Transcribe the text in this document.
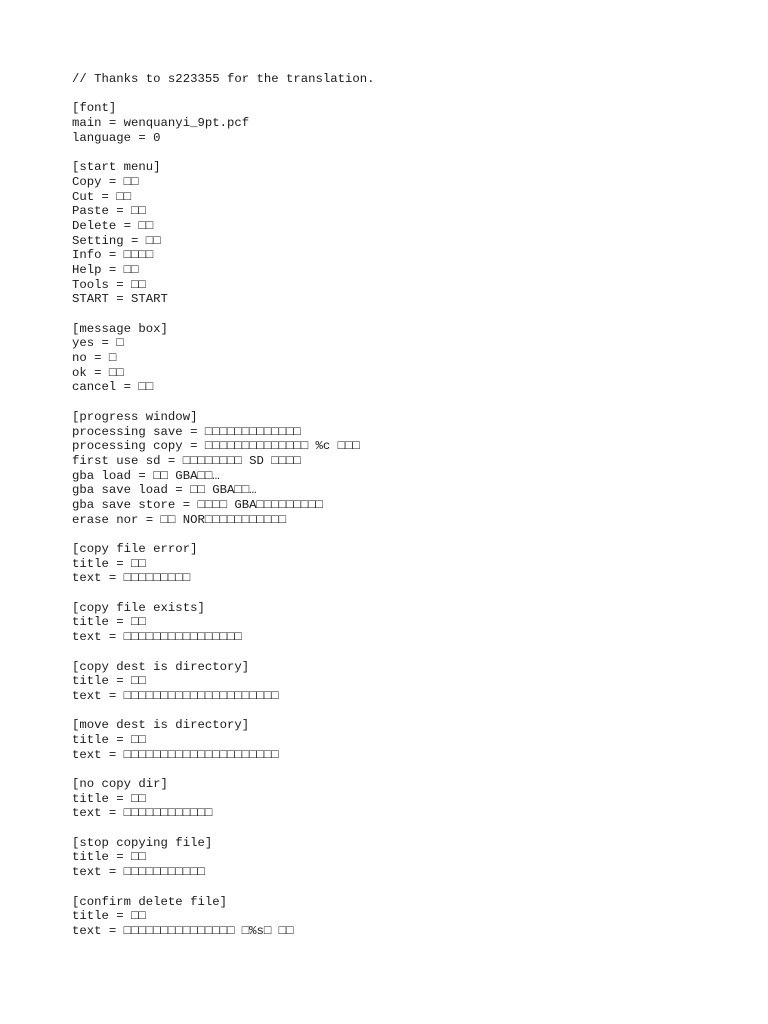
// Thanks to s223355 for the translation.
[font]
main = wenquanyi_9pt.pcf
language = 0
[start menu]
Copy = □□
Cut = □□
Paste = □□
Delete = □□
Setting = □□
Info = □□□□
Help = □□
Tools = □□
START = START
[message box]
yes = □
no = □
ok = □□
cancel = □□
[progress window]
processing save = □□□□□□□□□□□□□
processing copy = □□□□□□□□□□□□□□ %c □□□
first use sd = □□□□□□□□ SD □□□□
gba load = □□ GBA□□…
gba save load = □□ GBA□□…
gba save store = □□□□ GBA□□□□□□□□□
erase nor = □□ NOR□□□□□□□□□□□
[copy file error]
title = □□
text = □□□□□□□□□
[copy file exists]
title = □□
text = □□□□□□□□□□□□□□□□
[copy dest is directory]
title = □□
text = □□□□□□□□□□□□□□□□□□□□□
[move dest is directory]
title = □□
text = □□□□□□□□□□□□□□□□□□□□□
[no copy dir]
title = □□
text = □□□□□□□□□□□□
[stop copying file]
title = □□
text = □□□□□□□□□□□
[confirm delete file]
title = □□
text = □□□□□□□□□□□□□□□ □%s□ □□
